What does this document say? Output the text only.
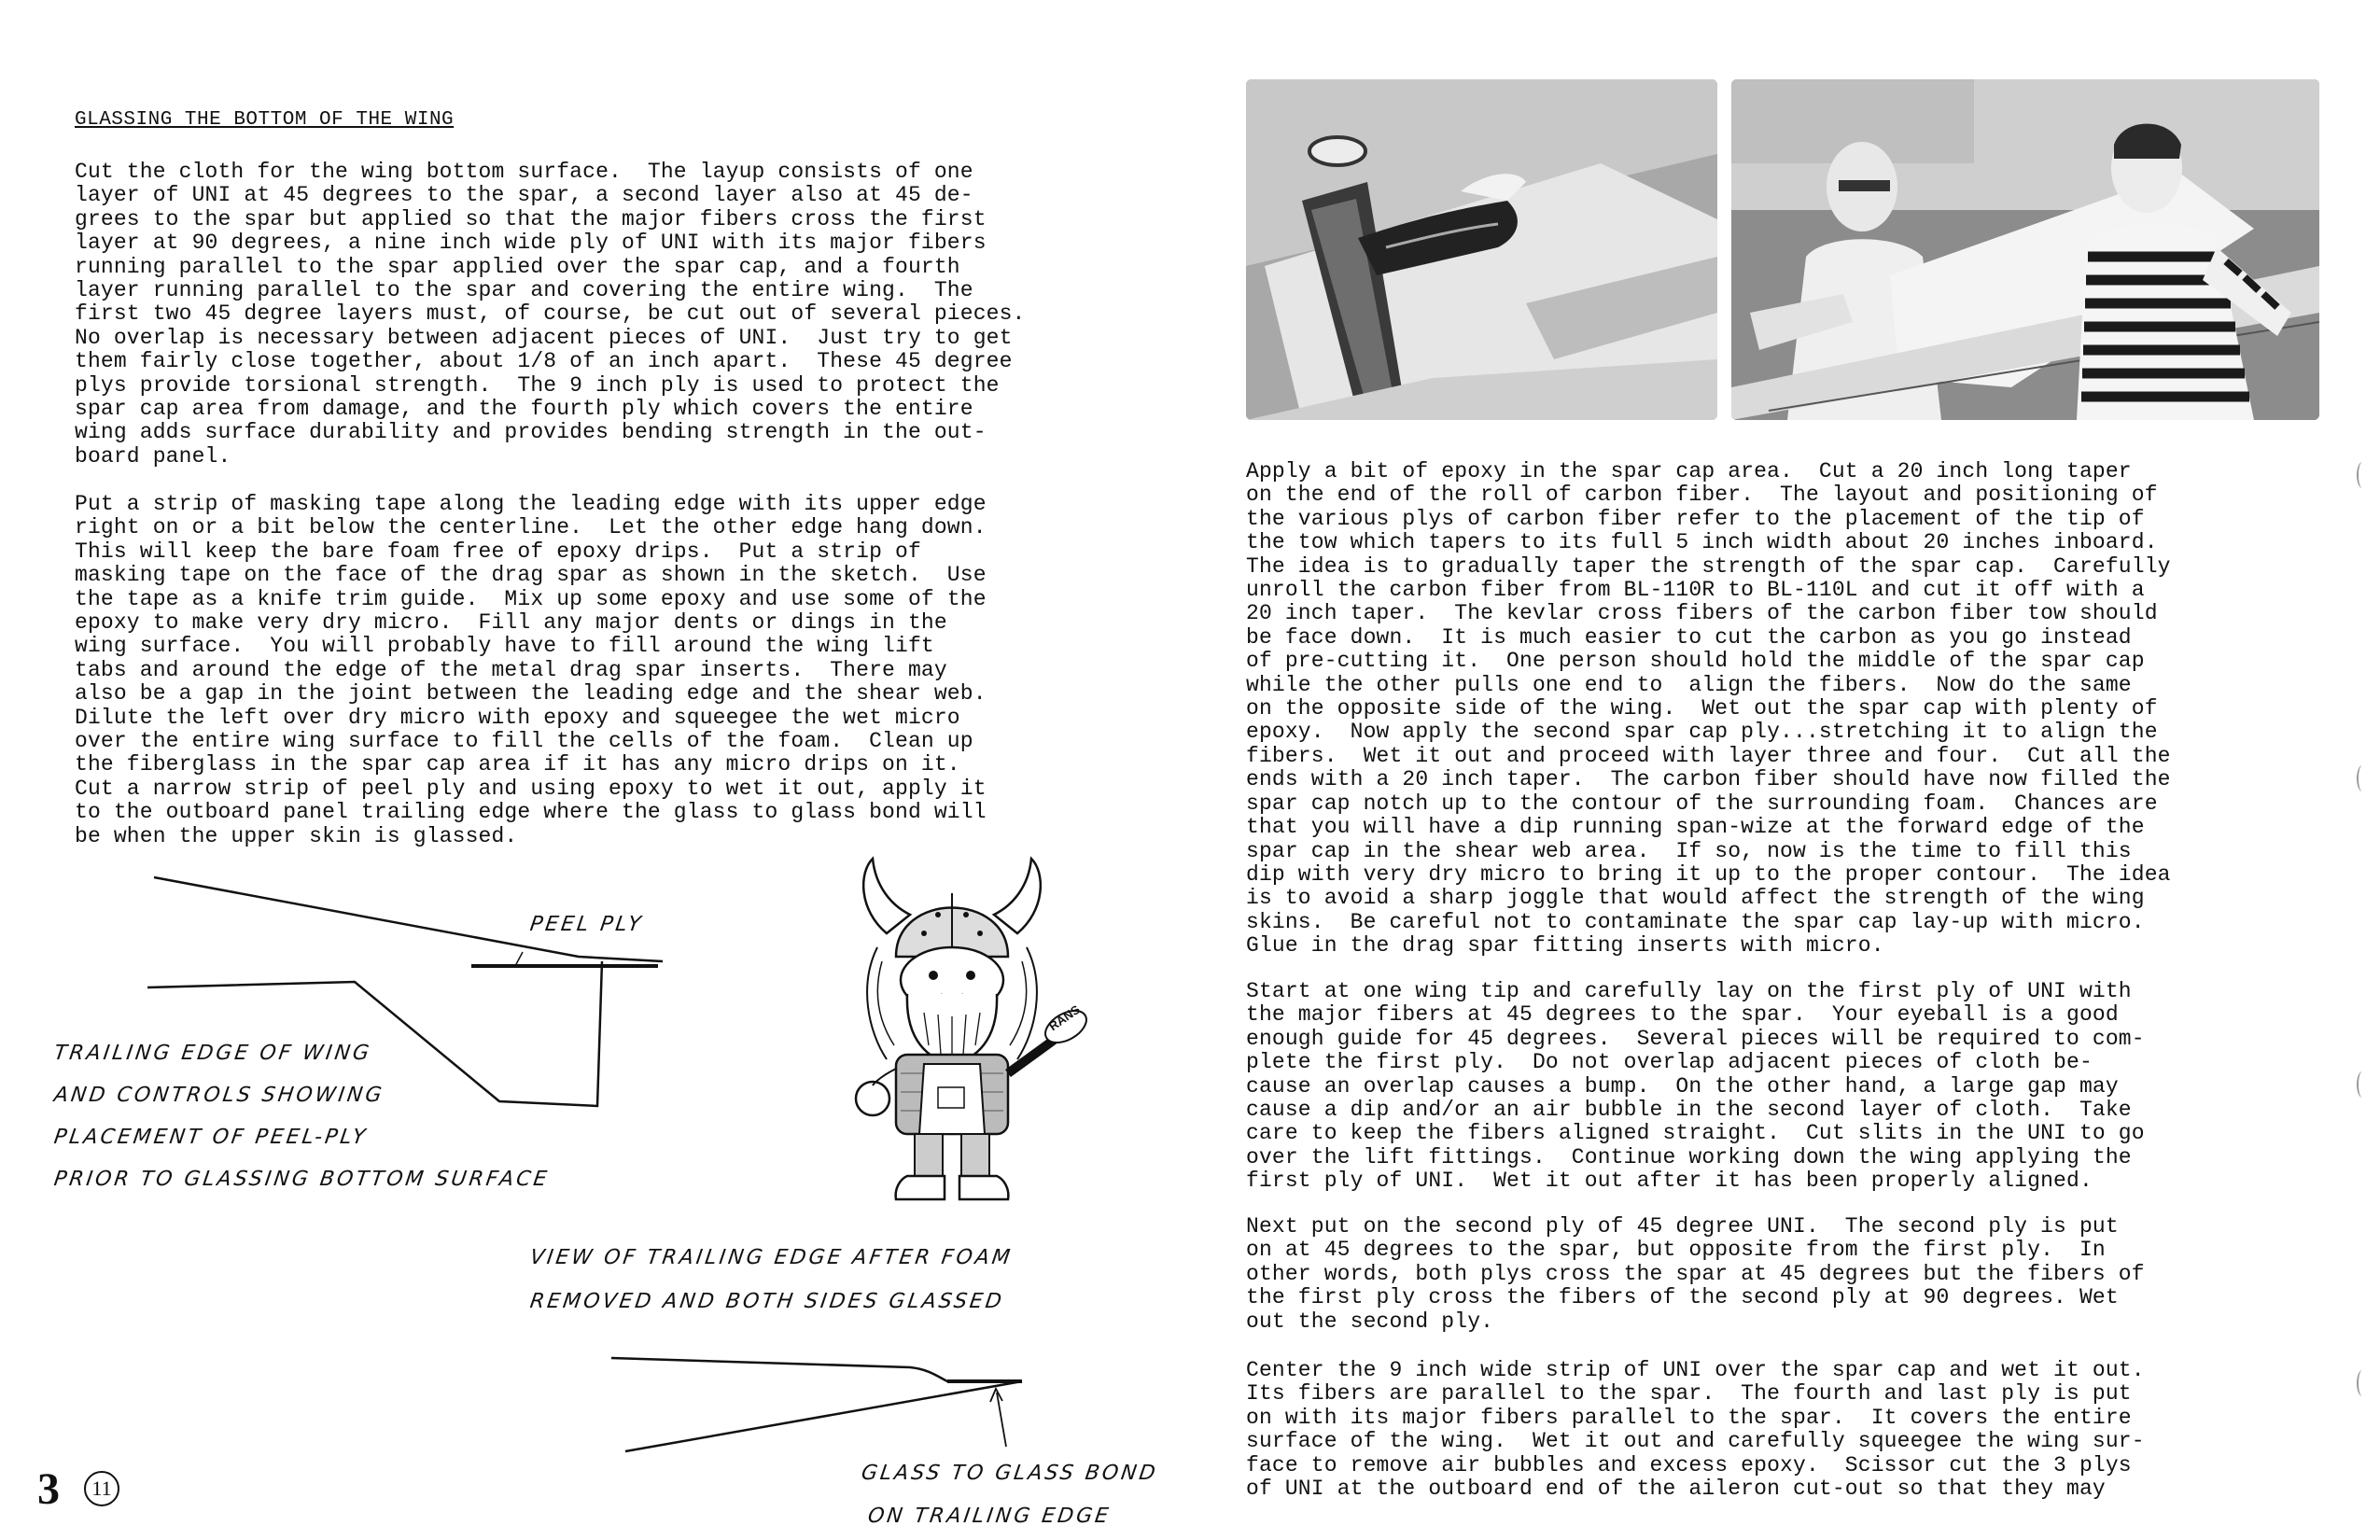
GLASSING THE BOTTOM OF THE WING
Cut the cloth for the wing bottom surface.  The layup consists of one
layer of UNI at 45 degrees to the spar, a second layer also at 45 de-
grees to the spar but applied so that the major fibers cross the first
layer at 90 degrees, a nine inch wide ply of UNI with its major fibers
running parallel to the spar applied over the spar cap, and a fourth
layer running parallel to the spar and covering the entire wing.  The
first two 45 degree layers must, of course, be cut out of several pieces.
No overlap is necessary between adjacent pieces of UNI.  Just try to get
them fairly close together, about 1/8 of an inch apart.  These 45 degree
plys provide torsional strength.  The 9 inch ply is used to protect the
spar cap area from damage, and the fourth ply which covers the entire
wing adds surface durability and provides bending strength in the out-
board panel.
Put a strip of masking tape along the leading edge with its upper edge
right on or a bit below the centerline.  Let the other edge hang down.
This will keep the bare foam free of epoxy drips.  Put a strip of
masking tape on the face of the drag spar as shown in the sketch.  Use
the tape as a knife trim guide.  Mix up some epoxy and use some of the
epoxy to make very dry micro.  Fill any major dents or dings in the
wing surface.  You will probably have to fill around the wing lift
tabs and around the edge of the metal drag spar inserts.  There may
also be a gap in the joint between the leading edge and the shear web.
Dilute the left over dry micro with epoxy and squeegee the wet micro
over the entire wing surface to fill the cells of the foam.  Clean up
the fiberglass in the spar cap area if it has any micro drips on it.
Cut a narrow strip of peel ply and using epoxy to wet it out, apply it
to the outboard panel trailing edge where the glass to glass bond will
be when the upper skin is glassed.
PEEL PLY
TRAILING EDGE OF WING
AND CONTROLS SHOWING
PLACEMENT OF PEEL-PLY
PRIOR TO GLASSING BOTTOM SURFACE
RANS
VIEW OF TRAILING EDGE AFTER FOAM
REMOVED AND BOTH SIDES GLASSED
GLASS TO GLASS BOND
ON TRAILING EDGE
3	11
Apply a bit of epoxy in the spar cap area.  Cut a 20 inch long taper
on the end of the roll of carbon fiber.  The layout and positioning of
the various plys of carbon fiber refer to the placement of the tip of
the tow which tapers to its full 5 inch width about 20 inches inboard.
The idea is to gradually taper the strength of the spar cap.  Carefully
unroll the carbon fiber from BL-110R to BL-110L and cut it off with a
20 inch taper.  The kevlar cross fibers of the carbon fiber tow should
be face down.  It is much easier to cut the carbon as you go instead
of pre-cutting it.  One person should hold the middle of the spar cap
while the other pulls one end to  align the fibers.  Now do the same
on the opposite side of the wing.  Wet out the spar cap with plenty of
epoxy.  Now apply the second spar cap ply...stretching it to align the
fibers.  Wet it out and proceed with layer three and four.  Cut all the
ends with a 20 inch taper.  The carbon fiber should have now filled the
spar cap notch up to the contour of the surrounding foam.  Chances are
that you will have a dip running span-wize at the forward edge of the
spar cap in the shear web area.  If so, now is the time to fill this
dip with very dry micro to bring it up to the proper contour.  The idea
is to avoid a sharp joggle that would affect the strength of the wing
skins.  Be careful not to contaminate the spar cap lay-up with micro.
Glue in the drag spar fitting inserts with micro.
Start at one wing tip and carefully lay on the first ply of UNI with
the major fibers at 45 degrees to the spar.  Your eyeball is a good
enough guide for 45 degrees.  Several pieces will be required to com-
plete the first ply.  Do not overlap adjacent pieces of cloth be-
cause an overlap causes a bump.  On the other hand, a large gap may
cause a dip and/or an air bubble in the second layer of cloth.  Take
care to keep the fibers aligned straight.  Cut slits in the UNI to go
over the lift fittings.  Continue working down the wing applying the
first ply of UNI.  Wet it out after it has been properly aligned.
Next put on the second ply of 45 degree UNI.  The second ply is put
on at 45 degrees to the spar, but opposite from the first ply.  In
other words, both plys cross the spar at 45 degrees but the fibers of
the first ply cross the fibers of the second ply at 90 degrees. Wet
out the second ply.
Center the 9 inch wide strip of UNI over the spar cap and wet it out.
Its fibers are parallel to the spar.  The fourth and last ply is put
on with its major fibers parallel to the spar.  It covers the entire
surface of the wing.  Wet it out and carefully squeegee the wing sur-
face to remove air bubbles and excess epoxy.  Scissor cut the 3 plys
of UNI at the outboard end of the aileron cut-out so that they may
